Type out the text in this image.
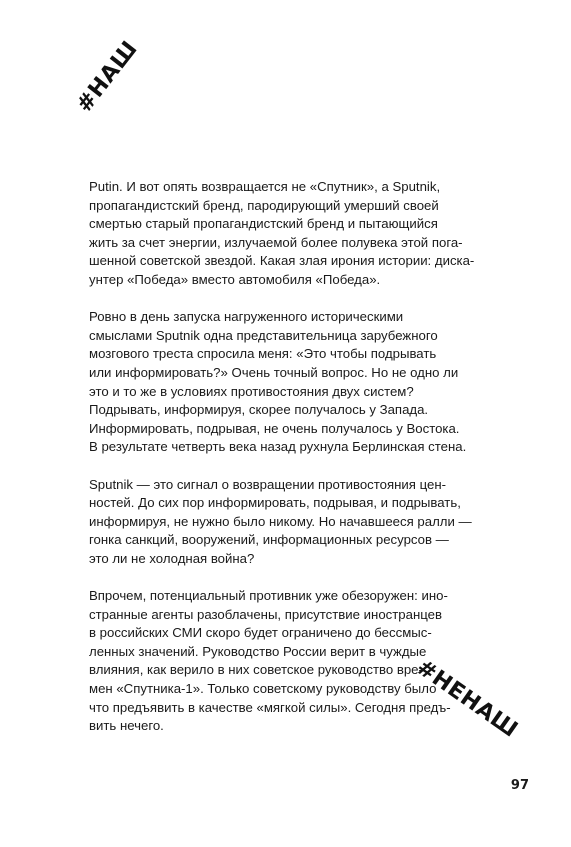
#НАШ

Putin. И вот опять возвращается не «Спутник», а Sputnik,
пропагандистский бренд, пародирующий умерший своей
смертью старый пропагандистский бренд и пытающийся
жить за счет энергии, излучаемой более полувека этой пога-
шенной советской звездой. Какая злая ирония истории: диска-
унтер «Победа» вместо автомобиля «Победа».

Ровно в день запуска нагруженного историческими
смыслами Sputnik одна представительница зарубежного
мозгового треста спросила меня: «Это чтобы подрывать
или информировать?» Очень точный вопрос. Но не одно ли
это и то же в условиях противостояния двух систем?
Подрывать, информируя, скорее получалось у Запада.
Информировать, подрывая, не очень получалось у Востока.
В результате четверть века назад рухнула Берлинская стена.

Sputnik — это сигнал о возвращении противостояния цен-
ностей. До сих пор информировать, подрывая, и подрывать,
информируя, не нужно было никому. Но начавшееся ралли —
гонка санкций, вооружений, информационных ресурсов —
это ли не холодная война?

Впрочем, потенциальный противник уже обезоружен: ино-
странные агенты разоблачены, присутствие иностранцев
в российских СМИ скоро будет ограничено до бессмыс-
ленных значений. Руководство России верит в чуждые
влияния, как верило в них советское руководство вре-
мен «Спутника-1». Только советскому руководству было
что предъявить в качестве «мягкой силы». Сегодня предъ-
вить нечего.	#НЕНАШ
97
